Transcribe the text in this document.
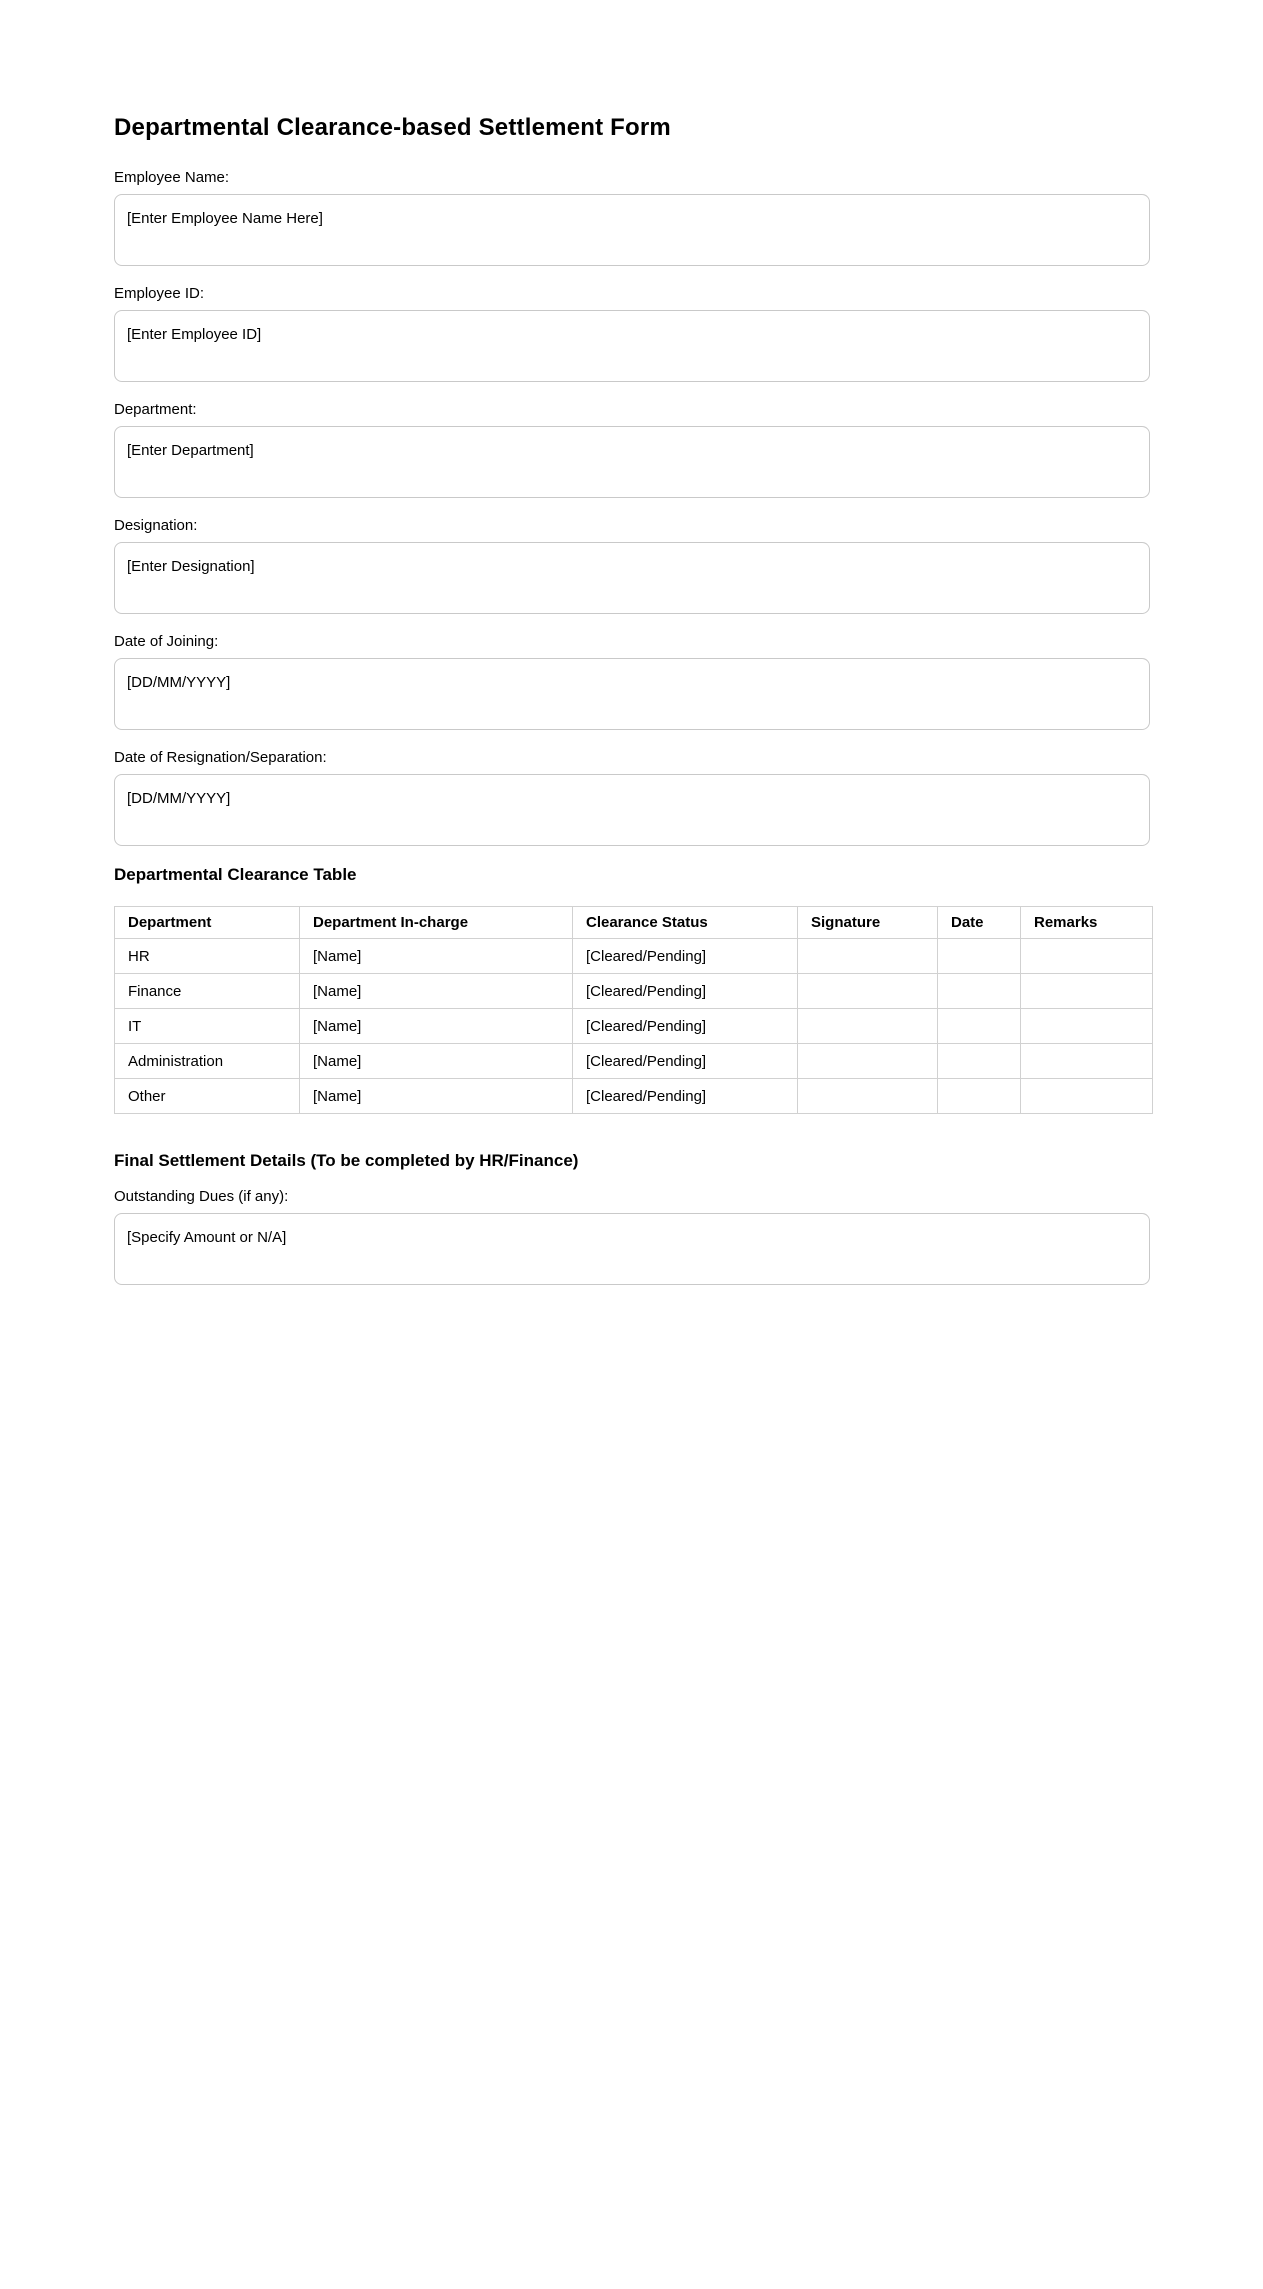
Departmental Clearance-based Settlement Form
Employee Name:
[Enter Employee Name Here]
Employee ID:
[Enter Employee ID]
Department:
[Enter Department]
Designation:
[Enter Designation]
Date of Joining:
[DD/MM/YYYY]
Date of Resignation/Separation:
[DD/MM/YYYY]
Departmental Clearance Table
Department	Department In-charge	Clearance Status	Signature	Date	Remarks
HR	[Name]	[Cleared/Pending]			
Finance	[Name]	[Cleared/Pending]			
IT	[Name]	[Cleared/Pending]			
Administration	[Name]	[Cleared/Pending]			
Other	[Name]	[Cleared/Pending]			
Final Settlement Details (To be completed by HR/Finance)
Outstanding Dues (if any):
[Specify Amount or N/A]
